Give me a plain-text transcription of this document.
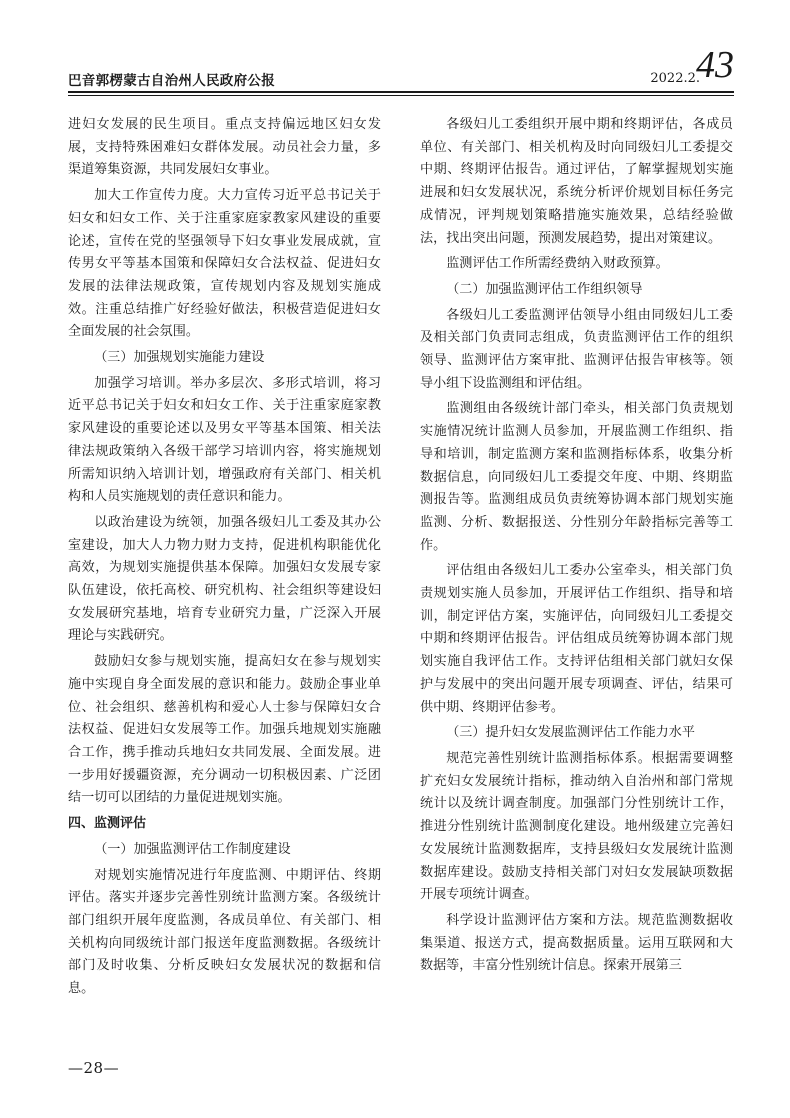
巴音郭楞蒙古自治州人民政府公报	2022.2.
43

进妇女发展的民生项目。重点支持偏远地区妇女发展，支持特殊困难妇女群体发展。动员社会力量，多渠道筹集资源，共同发展妇女事业。

加大工作宣传力度。大力宣传习近平总书记关于妇女和妇女工作、关于注重家庭家教家风建设的重要论述，宣传在党的坚强领导下妇女事业发展成就，宣传男女平等基本国策和保障妇女合法权益、促进妇女发展的法律法规政策，宣传规划内容及规划实施成效。注重总结推广好经验好做法，积极营造促进妇女全面发展的社会氛围。

（三）加强规划实施能力建设

加强学习培训。举办多层次、多形式培训，将习近平总书记关于妇女和妇女工作、关于注重家庭家教家风建设的重要论述以及男女平等基本国策、相关法律法规政策纳入各级干部学习培训内容，将实施规划所需知识纳入培训计划，增强政府有关部门、相关机构和人员实施规划的责任意识和能力。

以政治建设为统领，加强各级妇儿工委及其办公室建设，加大人力物力财力支持，促进机构职能优化高效，为规划实施提供基本保障。加强妇女发展专家队伍建设，依托高校、研究机构、社会组织等建设妇女发展研究基地，培育专业研究力量，广泛深入开展理论与实践研究。

鼓励妇女参与规划实施，提高妇女在参与规划实施中实现自身全面发展的意识和能力。鼓励企事业单位、社会组织、慈善机构和爱心人士参与保障妇女合法权益、促进妇女发展等工作。加强兵地规划实施融合工作，携手推动兵地妇女共同发展、全面发展。进一步用好援疆资源，充分调动一切积极因素、广泛团结一切可以团结的力量促进规划实施。

四、监测评估

（一）加强监测评估工作制度建设

对规划实施情况进行年度监测、中期评估、终期评估。落实并逐步完善性别统计监测方案。各级统计部门组织开展年度监测，各成员单位、有关部门、相关机构向同级统计部门报送年度监测数据。各级统计部门及时收集、分析反映妇女发展状况的数据和信息。

各级妇儿工委组织开展中期和终期评估，各成员单位、有关部门、相关机构及时向同级妇儿工委提交中期、终期评估报告。通过评估，了解掌握规划实施进展和妇女发展状况，系统分析评价规划目标任务完成情况，评判规划策略措施实施效果，总结经验做法，找出突出问题，预测发展趋势，提出对策建议。

监测评估工作所需经费纳入财政预算。

（二）加强监测评估工作组织领导

各级妇儿工委监测评估领导小组由同级妇儿工委及相关部门负责同志组成，负责监测评估工作的组织领导、监测评估方案审批、监测评估报告审核等。领导小组下设监测组和评估组。

监测组由各级统计部门牵头，相关部门负责规划实施情况统计监测人员参加，开展监测工作组织、指导和培训，制定监测方案和监测指标体系，收集分析数据信息，向同级妇儿工委提交年度、中期、终期监测报告等。监测组成员负责统筹协调本部门规划实施监测、分析、数据报送、分性别分年龄指标完善等工作。

评估组由各级妇儿工委办公室牵头，相关部门负责规划实施人员参加，开展评估工作组织、指导和培训，制定评估方案，实施评估，向同级妇儿工委提交中期和终期评估报告。评估组成员统筹协调本部门规划实施自我评估工作。支持评估组相关部门就妇女保护与发展中的突出问题开展专项调查、评估，结果可供中期、终期评估参考。

（三）提升妇女发展监测评估工作能力水平

规范完善性别统计监测指标体系。根据需要调整扩充妇女发展统计指标，推动纳入自治州和部门常规统计以及统计调查制度。加强部门分性别统计工作，推进分性别统计监测制度化建设。地州级建立完善妇女发展统计监测数据库，支持县级妇女发展统计监测数据库建设。鼓励支持相关部门对妇女发展缺项数据开展专项统计调查。

科学设计监测评估方案和方法。规范监测数据收集渠道、报送方式，提高数据质量。运用互联网和大数据等，丰富分性别统计信息。探索开展第三

—28—
